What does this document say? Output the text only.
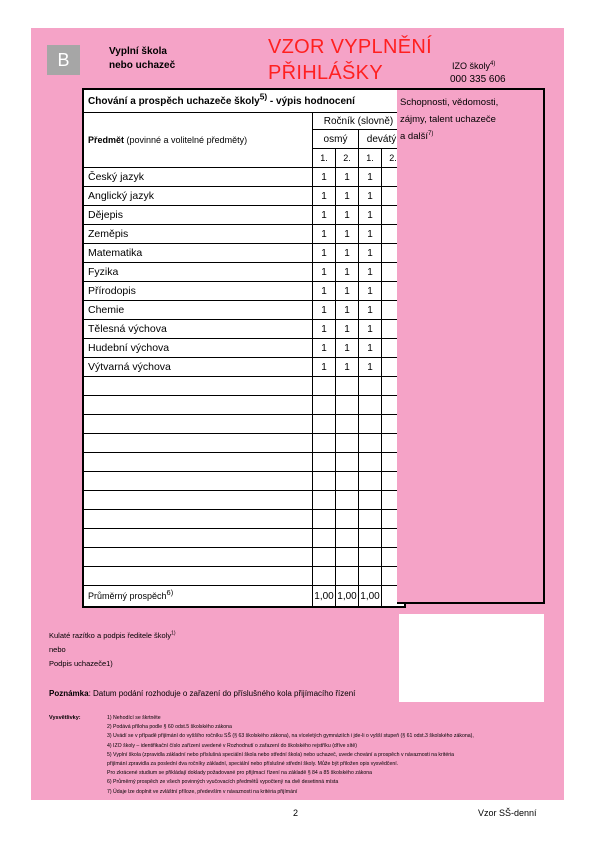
B	Vyplní škola
nebo uchazeč
VZOR VYPLNĚNÍ
PŘIHLÁŠKY	IZO školy$^{4)}$
000 335 606
Chování a prospěch uchazeče školy$^{5)}$ - výpis hodnocení				
Předmět (povinné a volitelné předměty)	Ročník (slovně)			
	osmý		devátý	
	1.	2.	1.	2.
Český jazyk	1	1	1	
Anglický jazyk	1	1	1	
Dějepis	1	1	1	
Zeměpis	1	1	1	
Matematika	1	1	1	
Fyzika	1	1	1	
Přírodopis	1	1	1	
Chemie	1	1	1	
Tělesná výchova	1	1	1	
Hudební výchova	1	1	1	
Výtvarná výchova	1	1	1	

Průměrný prospěch$^{6)}$	1,00	1,00	1,00	
Schopnosti, vědomosti,
zájmy, talent uchazeče
a další$^{7)}$
Kulaté razítko a podpis ředitele školy$^{1)}$
nebo
Podpis uchazeče1)
Poznámka: Datum podání rozhoduje o zařazení do příslušného kola přijímacího řízení
Vysvětlivky:	1) Nehodící se škrtněte
2) Podává příloha podle § 60 odst.5 školského zákona
3) Uvádí se v případě přijímání do vyššího ročníku SŠ (§ 63 školského zákona), na víceletých gymnáziích i jde-li o vyšší stupeň (§ 61 odst.3 školského zákona),
4) IZO školy – identifikační číslo zařízení uvedené v Rozhodnutí o zařazení do školského rejstříku (dříve sítě)
5) Vyplní škola (zpravidla základní nebo příslušná speciální škola nebo střední škola) nebo uchazeč, uvede chování a prospěch v návaznosti na kritéria
přijímání zpravidla za poslední dva ročníky základní, speciální nebo příslušné střední školy. Může být přiložen opis vysvědčení.
Pro zkrácené studium se přikládají doklady požadované pro přijímací řízení na základě § 84 a 85 školského zákona
6) Průměrný prospěch ze všech povinných vyučovacích předmětů vypočtený na dvě desetinná místa
7) Údaje lze doplnit ve zvláštní příloze, především v návaznosti na kritéria přijímání
2	Vzor SŠ-denní
